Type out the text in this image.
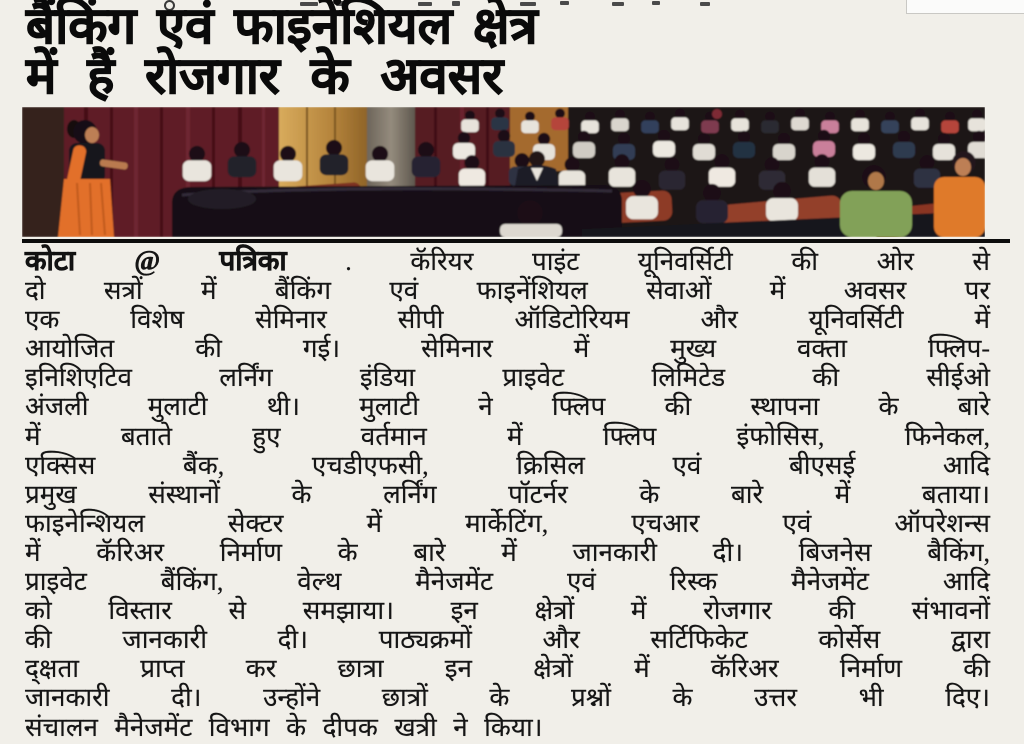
बैंकिंग एवं फाइनेंशियल क्षेत्र
में हैं रोजगार के अवसर
कोटा @ पत्रिका . कॅरियर पाइंट यूनिवर्सिटी की ओर से
दो सत्रों में बैंकिंग एवं फाइनेंशियल सेवाओं में अवसर पर
एक विशेष सेमिनार सीपी ऑडिटोरियम और यूनिवर्सिटी में
आयोजित की गई। सेमिनार में मुख्य वक्ता फ्लिप-
इनिशिएटिव लर्निंग इंडिया प्राइवेट लिमिटेड की सीईओ
अंजली मुलाटी थी। मुलाटी ने फ्लिप की स्थापना के बारे
में बताते हुए वर्तमान में फ्लिप इंफोसिस, फिनेकल,
एक्सिस बैंक, एचडीएफसी, क्रिसिल एवं बीएसई आदि
प्रमुख संस्थानों के लर्निंग पॉटर्नर के बारे में बताया।
फाइनेन्शियल सेक्टर में मार्केटिंग, एचआर एवं ऑपरेशन्स
में कॅरिअर निर्माण के बारे में जानकारी दी। बिजनेस बैकिंग,
प्राइवेट बैंकिंग, वेल्थ मैनेजमेंट एवं रिस्क मैनेजमेंट आदि
को विस्तार से समझाया। इन क्षेत्रों में रोजगार की संभावनों
की जानकारी दी। पाठ्यक्रमों और सर्टिफिकेट कोर्सेस द्वारा
द्क्षता प्राप्त कर छात्रा इन क्षेत्रों में कॅरिअर निर्माण की
जानकारी दी। उन्होंने छात्रों के प्रश्नों के उत्तर भी दिए।
संचालन मैनेजमेंट विभाग के दीपक खत्री ने किया।
